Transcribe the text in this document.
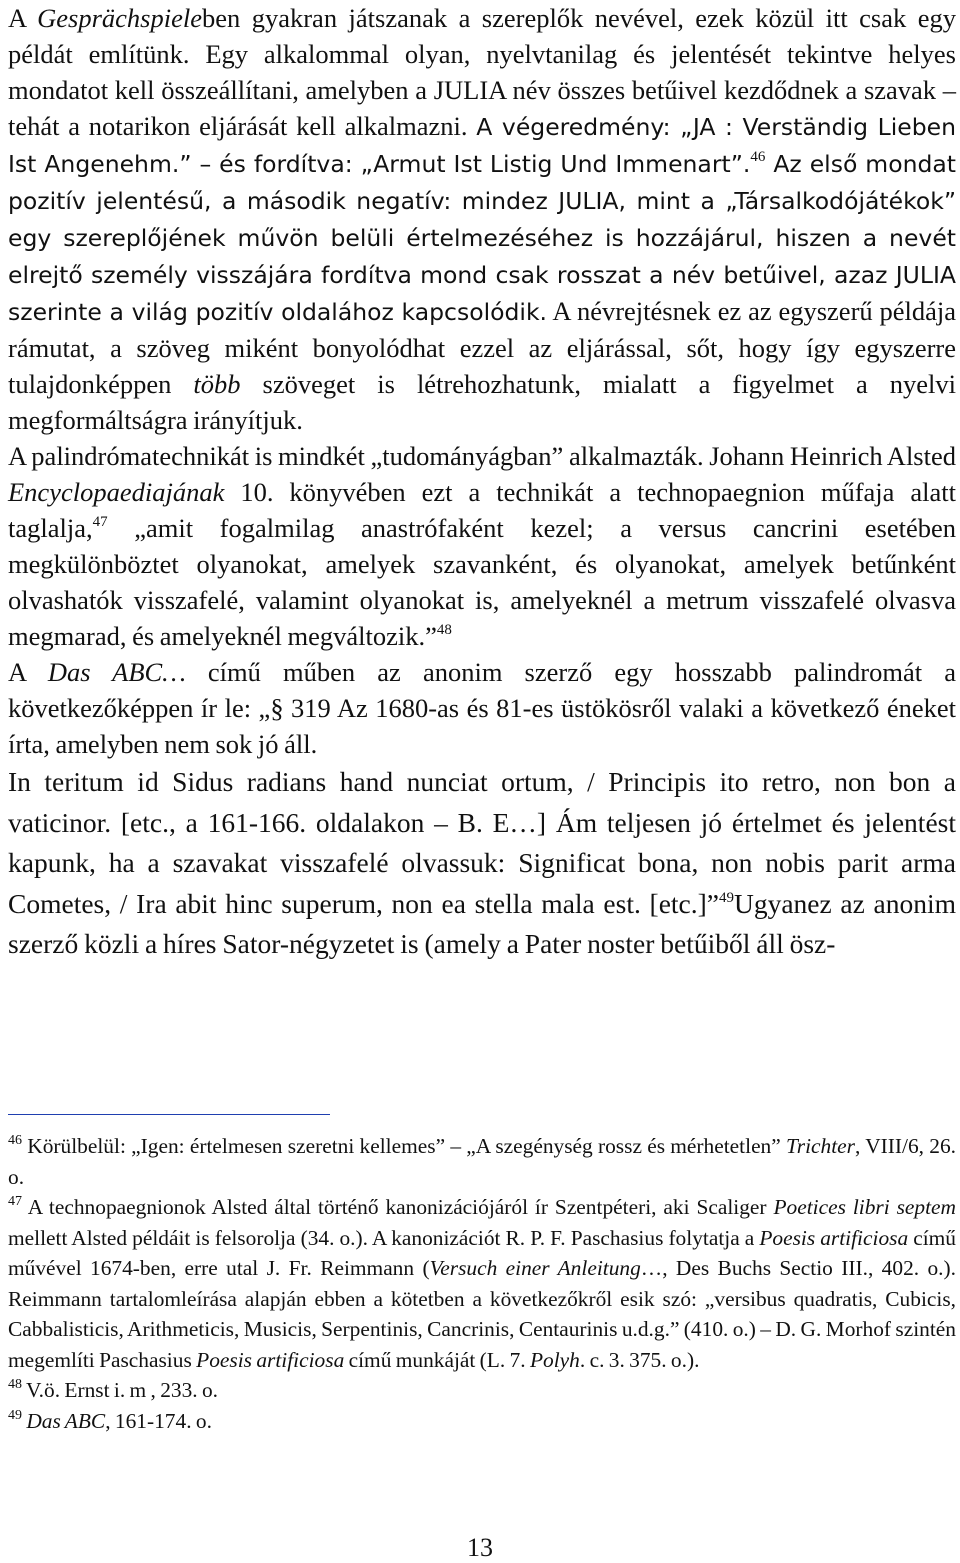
A Gesprächspieleben gyakran játszanak a szereplők nevével, ezek közül itt csak egy példát említünk. Egy alkalommal olyan, nyelvtanilag és jelentését tekintve helyes mondatot kell összeállítani, amelyben a JULIA név összes betűivel kezdődnek a szavak – tehát a notarikon eljárását kell alkalmazni. A végeredmény: „JA : Verständig Lieben Ist Angenehm.” – és fordítva: „Armut Ist Listig Und Immenart”.$^{46}$ Az első mondat pozitív jelentésű, a második negatív: mindez JULIA, mint a „Társalkodójátékok” egy szereplőjének művön belüli értelmezéséhez is hozzájárul, hiszen a nevét elrejtő személy visszájára fordítva mond csak rosszat a név betűivel, azaz JULIA szerinte a világ pozitív oldalához kapcsolódik. A névrejtésnek ez az egyszerű példája rámutat, a szöveg miként bonyolódhat ezzel az eljárással, sőt, hogy így egyszerre tulajdonképpen több szöveget is létrehozhatunk, mialatt a figyelmet a nyelvi megformáltságra irányítjuk.

A palindrómatechnikát is mindkét „tudományágban” alkalmazták. Johann Heinrich Alsted Encyclopaediajának 10. könyvében ezt a technikát a technopaegnion műfaja alatt taglalja,$^{47}$ „amit fogalmilag anastrófaként kezel; a versus cancrini esetében megkülönböztet olyanokat, amelyek szavanként, és olyanokat, amelyek betűnként olvashatók visszafelé, valamint olyanokat is, amelyeknél a metrum visszafelé olvasva megmarad, és amelyeknél megváltozik.”$^{48}$

A Das ABC… című műben az anonim szerző egy hosszabb palindromát a következőképpen ír le: „§ 319 Az 1680-as és 81-es üstökösről valaki a következő éneket írta, amelyben nem sok jó áll.

In teritum id Sidus radians hand nunciat ortum, / Principis ito retro, non bon a vaticinor. [etc., a 161-166. oldalakon – B. E…] Ám teljesen jó értelmet és jelentést kapunk, ha a szavakat visszafelé olvassuk: Significat bona, non nobis parit arma Cometes, / Ira abit hinc superum, non ea stella mala est. [etc.]”$^{49}$Ugyanez az anonim szerző közli a híres Sator-négyzetet is (amely a Pater noster betűiből áll ösz-

$^{46}$ Körülbelül: „Igen: értelmesen szeretni kellemes” – „A szegénység rossz és mérhetetlen” Trichter, VIII/6, 26. o.

$^{47}$ A technopaegnionok Alsted által történő kanonizációjáról ír Szentpéteri, aki Scaliger Poetices libri septem mellett Alsted példáit is felsorolja (34. o.). A kanonizációt R. P. F. Paschasius folytatja a Poesis artificiosa című művével 1674-ben, erre utal J. Fr. Reimmann (Versuch einer Anleitung…, Des Buchs Sectio III., 402. o.). Reimmann tartalomleírása alapján ebben a kötetben a következőkről esik szó: „versibus quadratis, Cubicis, Cabbalisticis, Arithmeticis, Musicis, Serpentinis, Cancrinis, Centaurinis u.d.g.” (410. o.) – D. G. Morhof szintén megemlíti Paschasius Poesis artificiosa című munkáját (L. 7. Polyh. c. 3. 375. o.).

$^{48}$ V.ö. Ernst i. m , 233. o.

$^{49}$ Das ABC, 161-174. o.

13
